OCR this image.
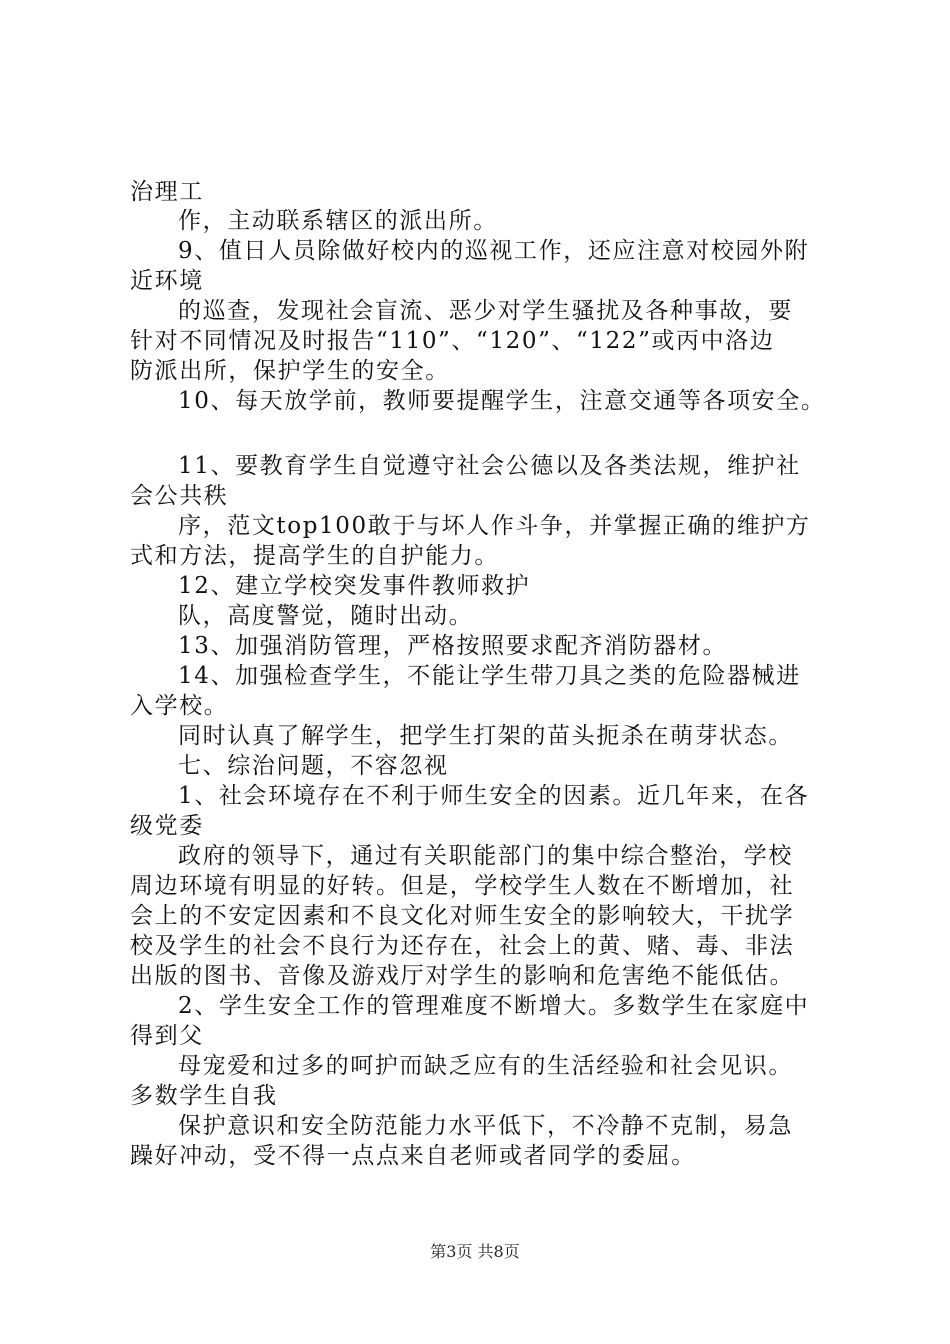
治理工
作，主动联系辖区的派出所。
9、值日人员除做好校内的巡视工作，还应注意对校园外附
近环境
的巡查，发现社会盲流、恶少对学生骚扰及各种事故，要
针对不同情况及时报告“110”、“120”、“122”或丙中洛边
防派出所，保护学生的安全。
10、每天放学前，教师要提醒学生，注意交通等各项安全。
11、要教育学生自觉遵守社会公德以及各类法规，维护社
会公共秩
序，范文top100敢于与坏人作斗争，并掌握正确的维护方
式和方法，提高学生的自护能力。
12、建立学校突发事件教师救护
队，高度警觉，随时出动。
13、加强消防管理，严格按照要求配齐消防器材。
14、加强检查学生，不能让学生带刀具之类的危险器械进
入学校。
同时认真了解学生，把学生打架的苗头扼杀在萌芽状态。
七、综治问题，不容忽视
1、社会环境存在不利于师生安全的因素。近几年来，在各
级党委
政府的领导下，通过有关职能部门的集中综合整治，学校
周边环境有明显的好转。但是，学校学生人数在不断增加，社
会上的不安定因素和不良文化对师生安全的影响较大，干扰学
校及学生的社会不良行为还存在，社会上的黄、赌、毒、非法
出版的图书、音像及游戏厅对学生的影响和危害绝不能低估。
2、学生安全工作的管理难度不断增大。多数学生在家庭中
得到父
母宠爱和过多的呵护而缺乏应有的生活经验和社会见识。
多数学生自我
保护意识和安全防范能力水平低下，不冷静不克制，易急
躁好冲动，受不得一点点来自老师或者同学的委屈。
第3页 共8页
